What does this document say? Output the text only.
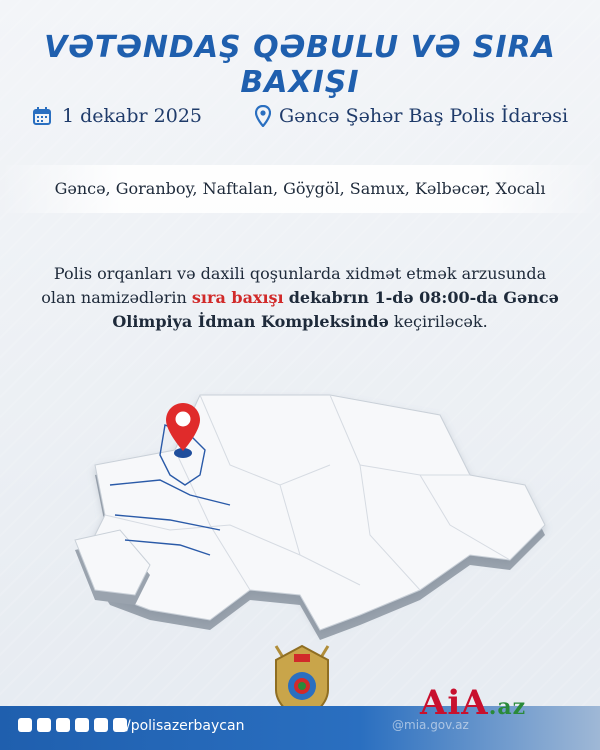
VƏTƏNDAŞ QƏBULU VƏ SIRA BAXIŞI
1 dekabr 2025	Gəncə Şəhər Baş Polis İdarəsi
Gəncə, Goranboy, Naftalan, Göygöl, Samux, Kəlbəcər, Xocalı
Polis orqanları və daxili qoşunlarda xidmət etmək arzusunda olan namizədlərin sıra baxışı dekabrın 1-də 08:00-da Gəncə Olimpiya İdman Kompleksində keçiriləcək.
/polisazerbaycan	@mia.gov.az
AiA.az
